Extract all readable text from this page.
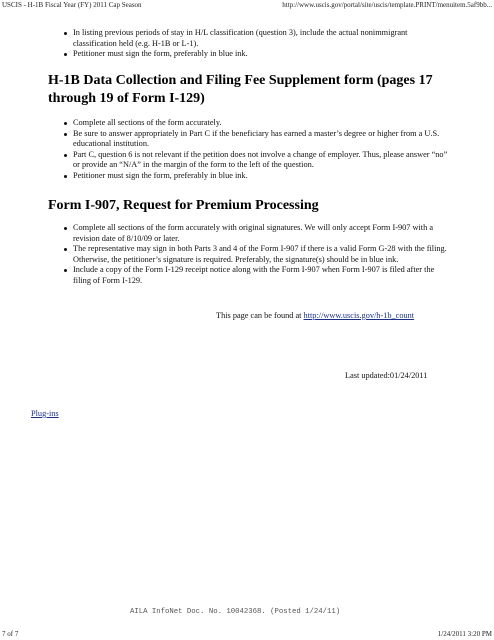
USCIS - H-1B Fiscal Year (FY) 2011 Cap Season	http://www.uscis.gov/portal/site/uscis/template.PRINT/menuitem.5af9bb...
In listing previous periods of stay in H/L classification (question 3), include the actual nonimmigrant classification held (e.g. H-1B or L-1).
Petitioner must sign the form, preferably in blue ink.
H-1B Data Collection and Filing Fee Supplement form (pages 17 through 19 of Form I-129)
Complete all sections of the form accurately.
Be sure to answer appropriately in Part C if the beneficiary has earned a master’s degree or higher from a U.S. educational institution.
Part C, question 6 is not relevant if the petition does not involve a change of employer. Thus, please answer “no” or provide an “N/A” in the margin of the form to the left of the question.
Petitioner must sign the form, preferably in blue ink.
Form I-907, Request for Premium Processing
Complete all sections of the form accurately with original signatures. We will only accept Form I-907 with a revision date of 8/10/09 or later.
The representative may sign in both Parts 3 and 4 of the Form I-907 if there is a valid Form G-28 with the filing. Otherwise, the petitioner’s signature is required. Preferably, the signature(s) should be in blue ink.
Include a copy of the Form I-129 receipt notice along with the Form I-907 when Form I-907 is filed after the filing of Form I-129.
This page can be found at http://www.uscis.gov/h-1b_count
Last updated:01/24/2011
Plug-ins
AILA InfoNet Doc. No. 10042368. (Posted 1/24/11)
7 of 7	1/24/2011 3:20 PM
